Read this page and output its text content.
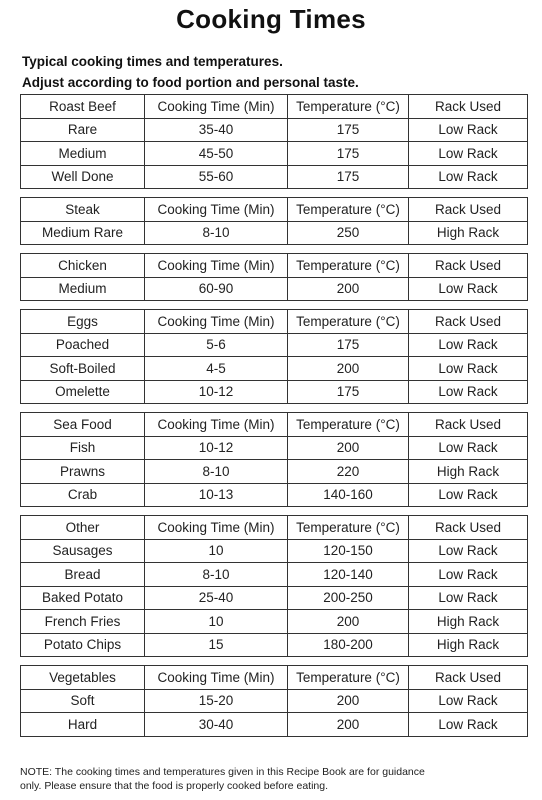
Cooking Times
Typical cooking times and temperatures.
Adjust according to food portion and personal taste.
Roast Beef	Cooking Time (Min)	Temperature (°C)	Rack Used
Rare	35-40	175	Low Rack
Medium	45-50	175	Low Rack
Well Done	55-60	175	Low Rack
Steak	Cooking Time (Min)	Temperature (°C)	Rack Used
Medium Rare	8-10	250	High Rack
Chicken	Cooking Time (Min)	Temperature (°C)	Rack Used
Medium	60-90	200	Low Rack
Eggs	Cooking Time (Min)	Temperature (°C)	Rack Used
Poached	5-6	175	Low Rack
Soft-Boiled	4-5	200	Low Rack
Omelette	10-12	175	Low Rack
Sea Food	Cooking Time (Min)	Temperature (°C)	Rack Used
Fish	10-12	200	Low Rack
Prawns	8-10	220	High Rack
Crab	10-13	140-160	Low Rack
Other	Cooking Time (Min)	Temperature (°C)	Rack Used
Sausages	10	120-150	Low Rack
Bread	8-10	120-140	Low Rack
Baked Potato	25-40	200-250	Low Rack
French Fries	10	200	High Rack
Potato Chips	15	180-200	High Rack
Vegetables	Cooking Time (Min)	Temperature (°C)	Rack Used
Soft	15-20	200	Low Rack
Hard	30-40	200	Low Rack
NOTE: The cooking times and temperatures given in this Recipe Book are for guidance
only. Please ensure that the food is properly cooked before eating.
